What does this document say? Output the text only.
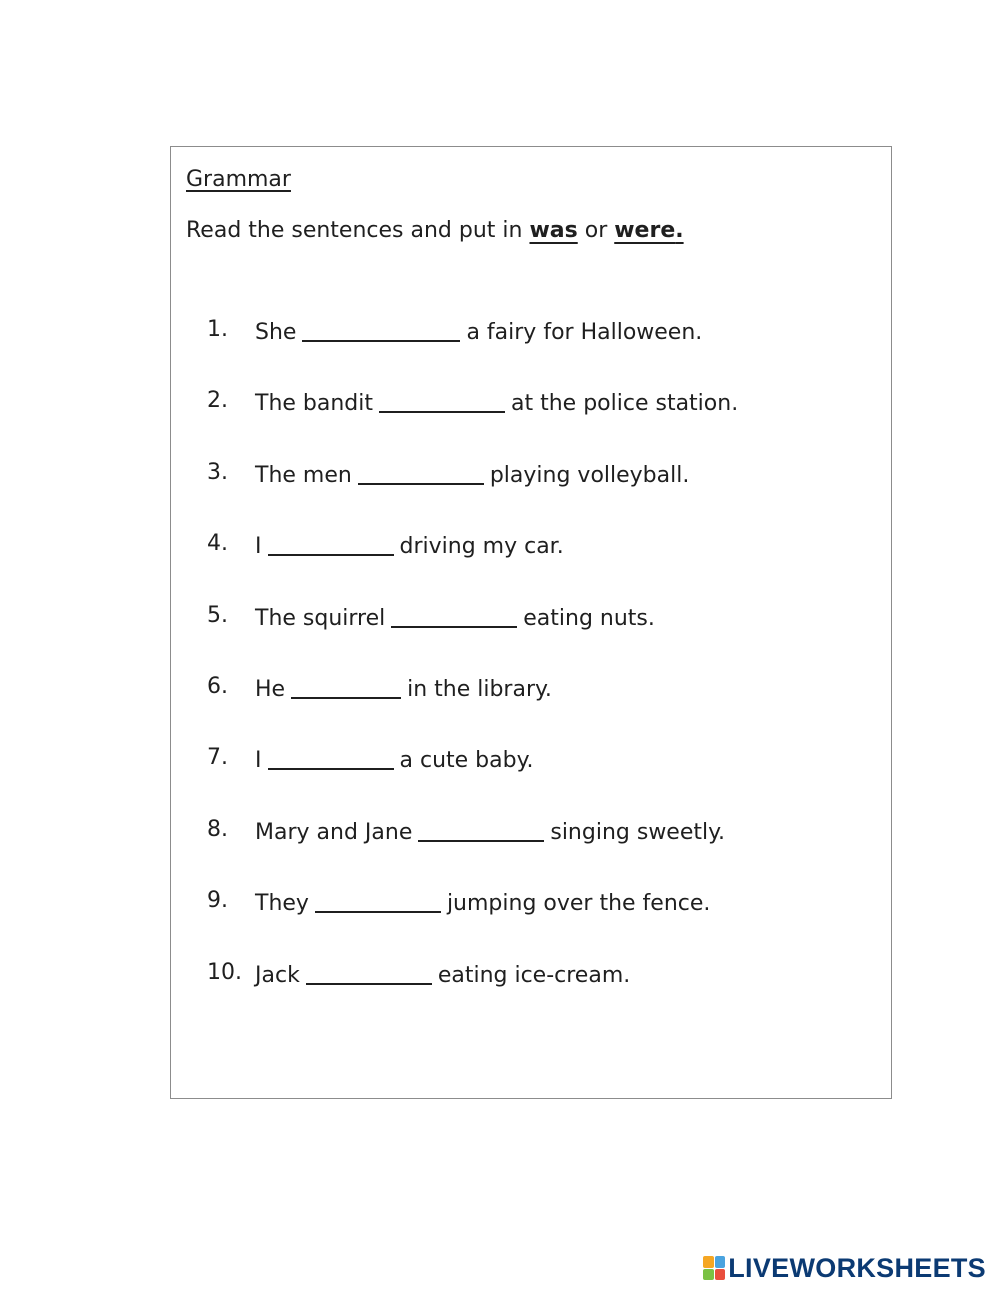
Grammar
Read the sentences and put in was or were.
1.	She	a fairy for Halloween.
2.	The bandit	at the police station.
3.	The men	playing volleyball.
4.	I	driving my car.
5.	The squirrel	eating nuts.
6.	He	in the library.
7.	I	a cute baby.
8.	Mary and Jane	singing sweetly.
9.	They	jumping over the fence.
10. Jack	eating ice-cream.
LIVEWORKSHEETS
